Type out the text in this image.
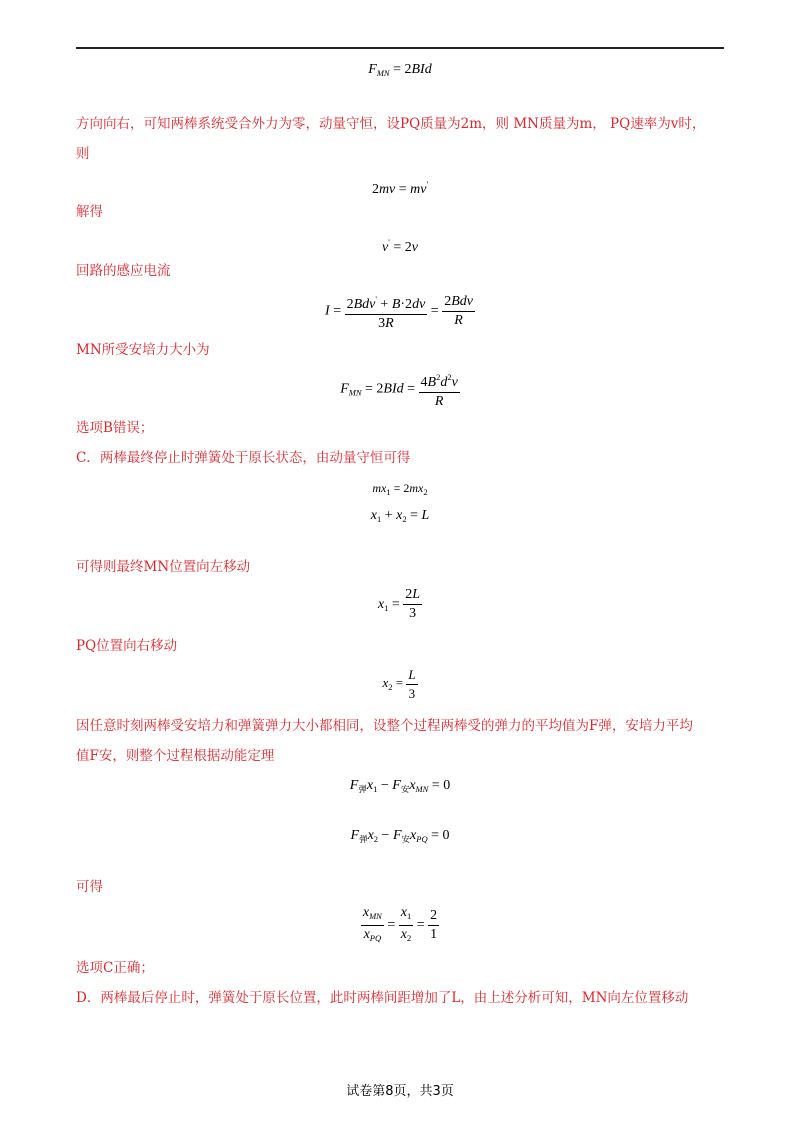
$F_{MN} = 2BId$
方向向右，可知两棒系统受合外力为零，动量守恒，设PQ质量为2m，则 MN质量为m， PQ速率为v时，
则
2mv = mv'
解得
v' = 2v
回路的感应电流
$I = \frac{2Bdv' + B\cdot 2dv}{3R} = \frac{\text{2Bdv}}{R}$
MN所受安培力大小为
$F_{MN} = 2BId = \frac{4B^2d^2v}{R}$
选项B错误；
C．两棒最终停止时弹簧处于原长状态，由动量守恒可得
$mx_1 = 2mx_2$
$x_1 + x_2 = L$
可得则最终MN位置向左移动
$x_1 = \frac{2L}{3}$
PQ位置向右移动
$x_2 = \frac{L}{3}$
因任意时刻两棒受安培力和弹簧弹力大小都相同，设整个过程两棒受的弹力的平均值为F弹，安培力平均
值F安，则整个过程根据动能定理
$F_弹x_1 - F_安x_{MN} = 0$
$F_弹x_2 - F_安x_{PQ} = 0$
可得
$\frac{x_{MN}}{x_{PQ}} = \frac{x_1}{x_2} = \frac{2}{1}$
选项C正确；
D．两棒最后停止时，弹簧处于原长位置，此时两棒间距增加了L，由上述分析可知，MN向左位置移动
试卷第8页，共3页
